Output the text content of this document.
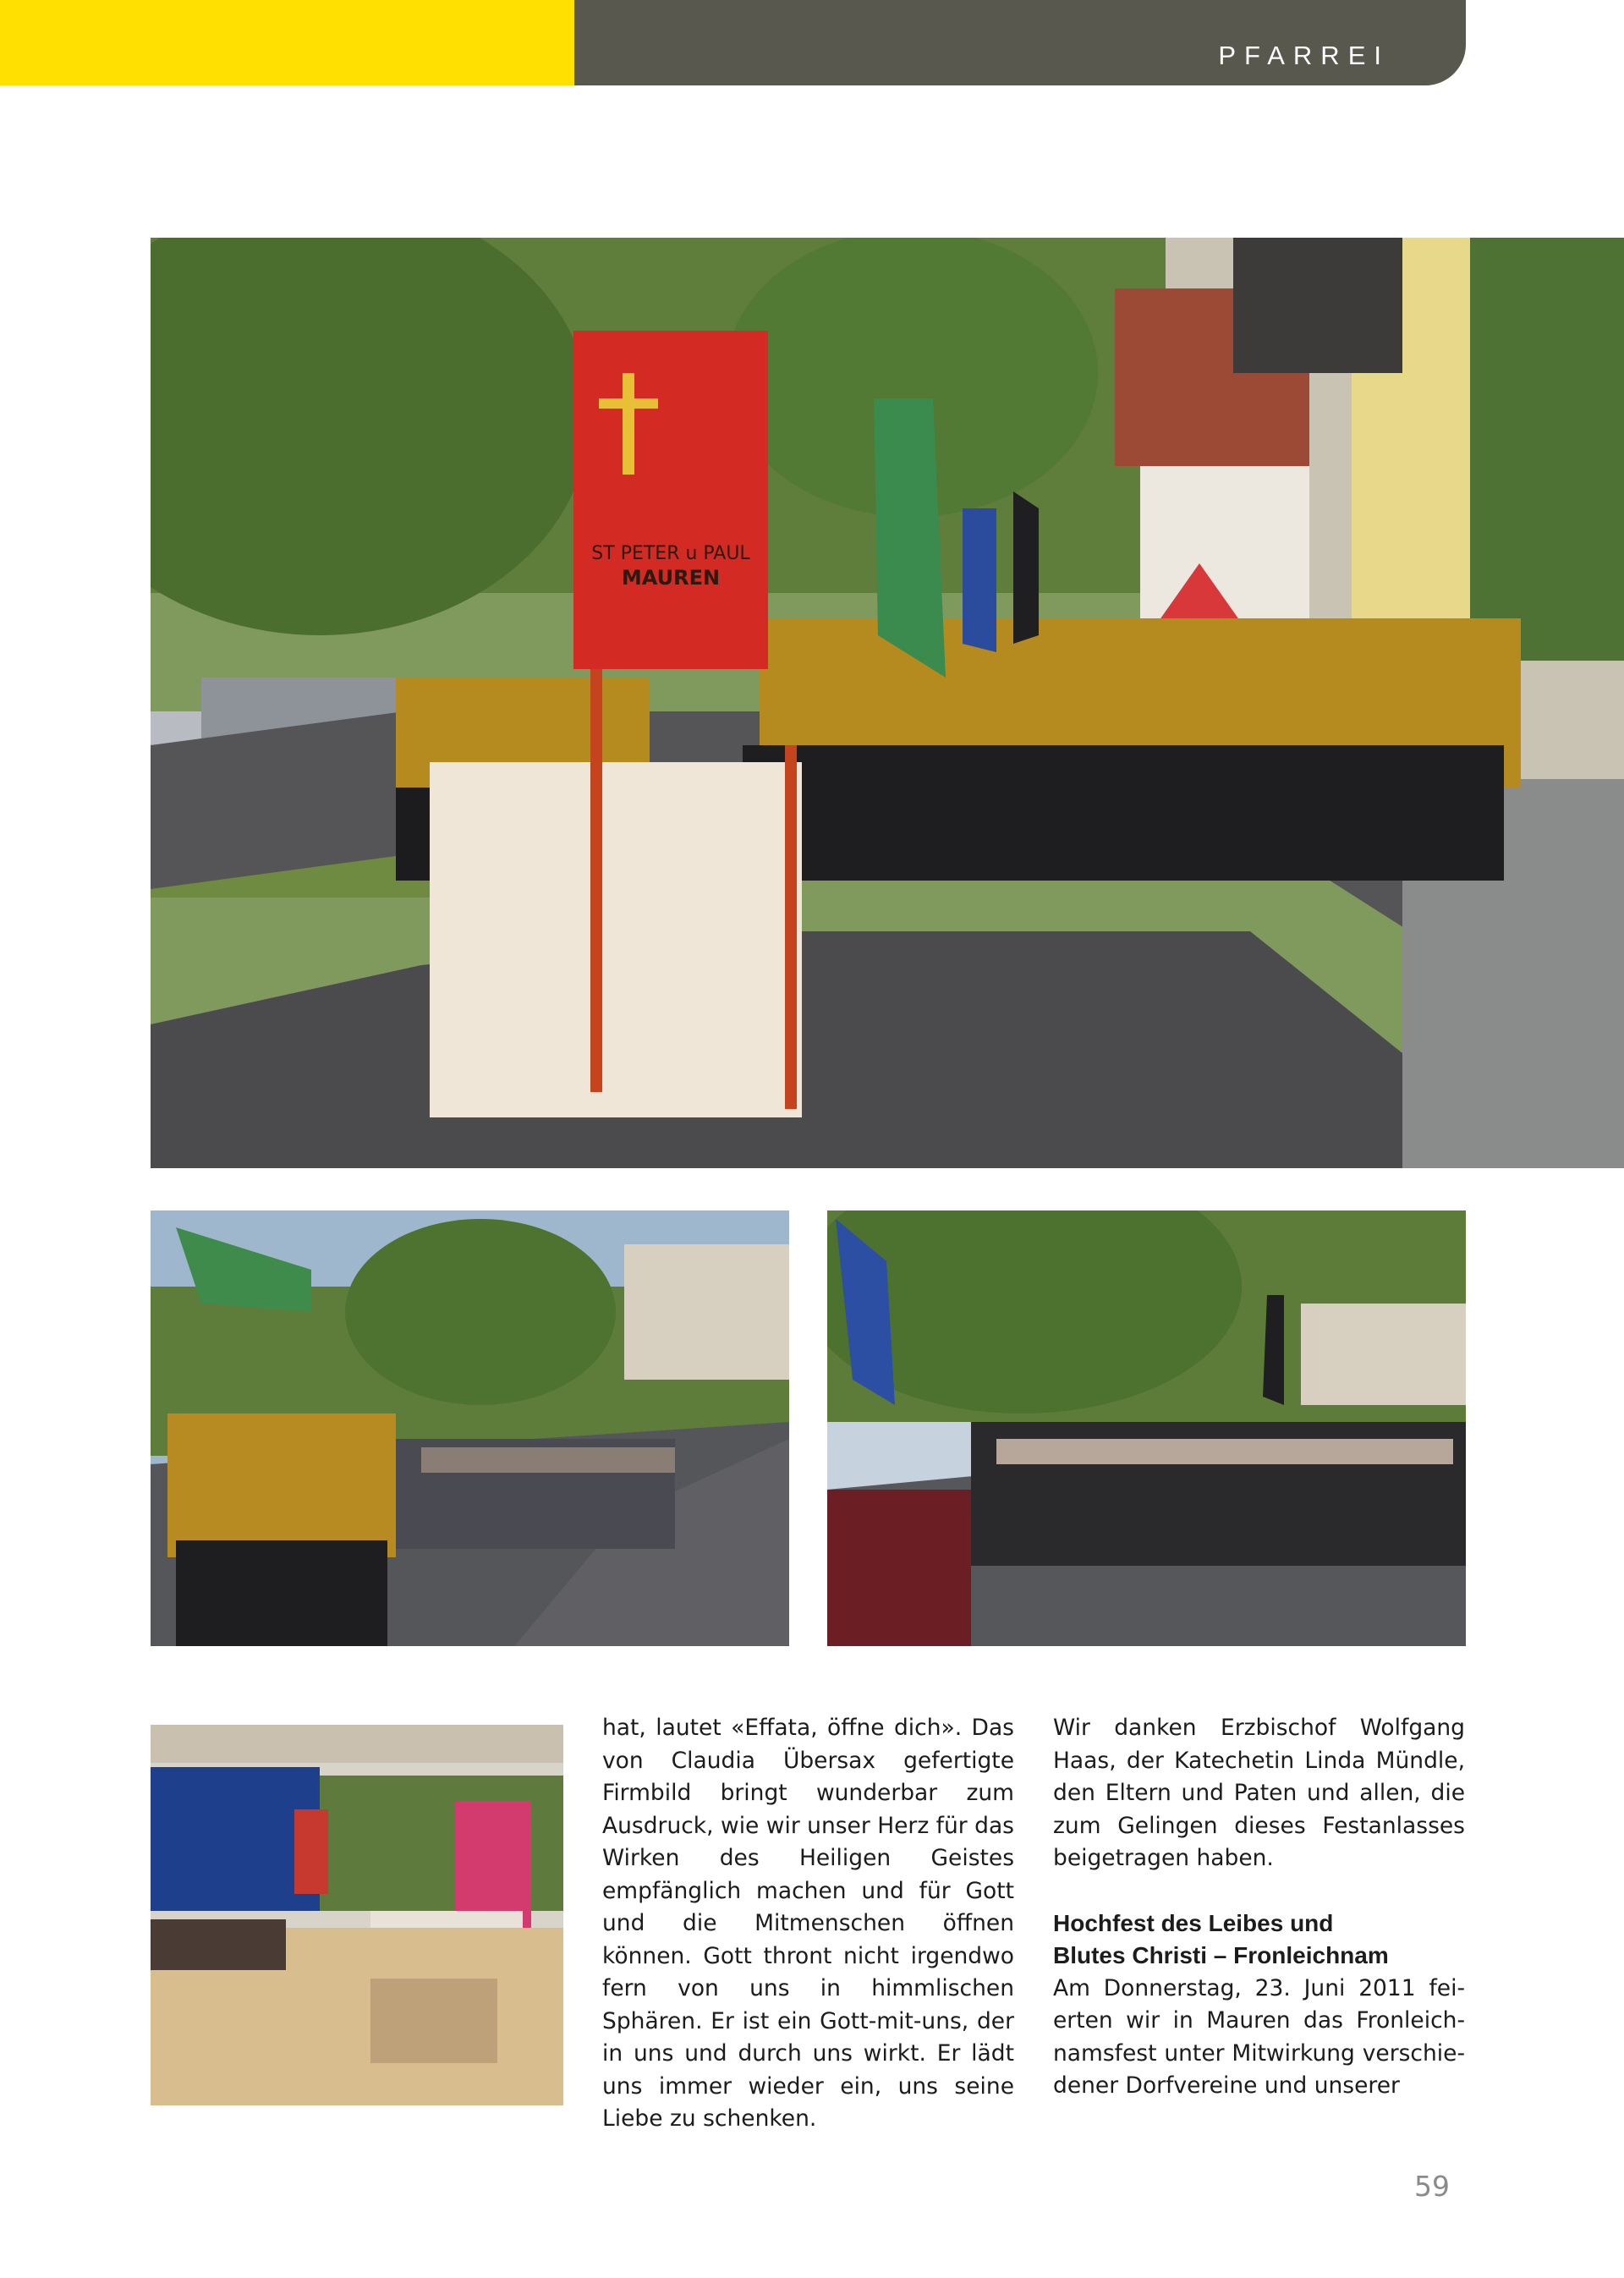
PFARREI
ST PETER u PAUL
MAUREN

hat, lautet «Effata, öffne dich». Das von Claudia Übersax gefertigte Firmbild bringt wunderbar zum Ausdruck, wie wir unser Herz für das Wirken des Heiligen Geistes empfänglich machen und für Gott und die Mitmenschen öffnen können. Gott thront nicht irgendwo fern von uns in himmlischen Sphären. Er ist ein Gott-mit-uns, der in uns und durch uns wirkt. Er lädt uns immer wieder ein, uns seine Liebe zu schenken.

Wir danken Erzbischof Wolfgang Haas, der Katechetin Linda Mündle, den Eltern und Paten und allen, die zum Gelingen dieses Festanlasses beigetragen haben.

Hochfest des Leibes und
Blutes Christi – Fronleichnam

Am Donnerstag, 23. Juni 2011 feierten wir in Mauren das Fronleichnamsfest unter Mitwirkung verschiedener Dorfvereine und unserer

59
